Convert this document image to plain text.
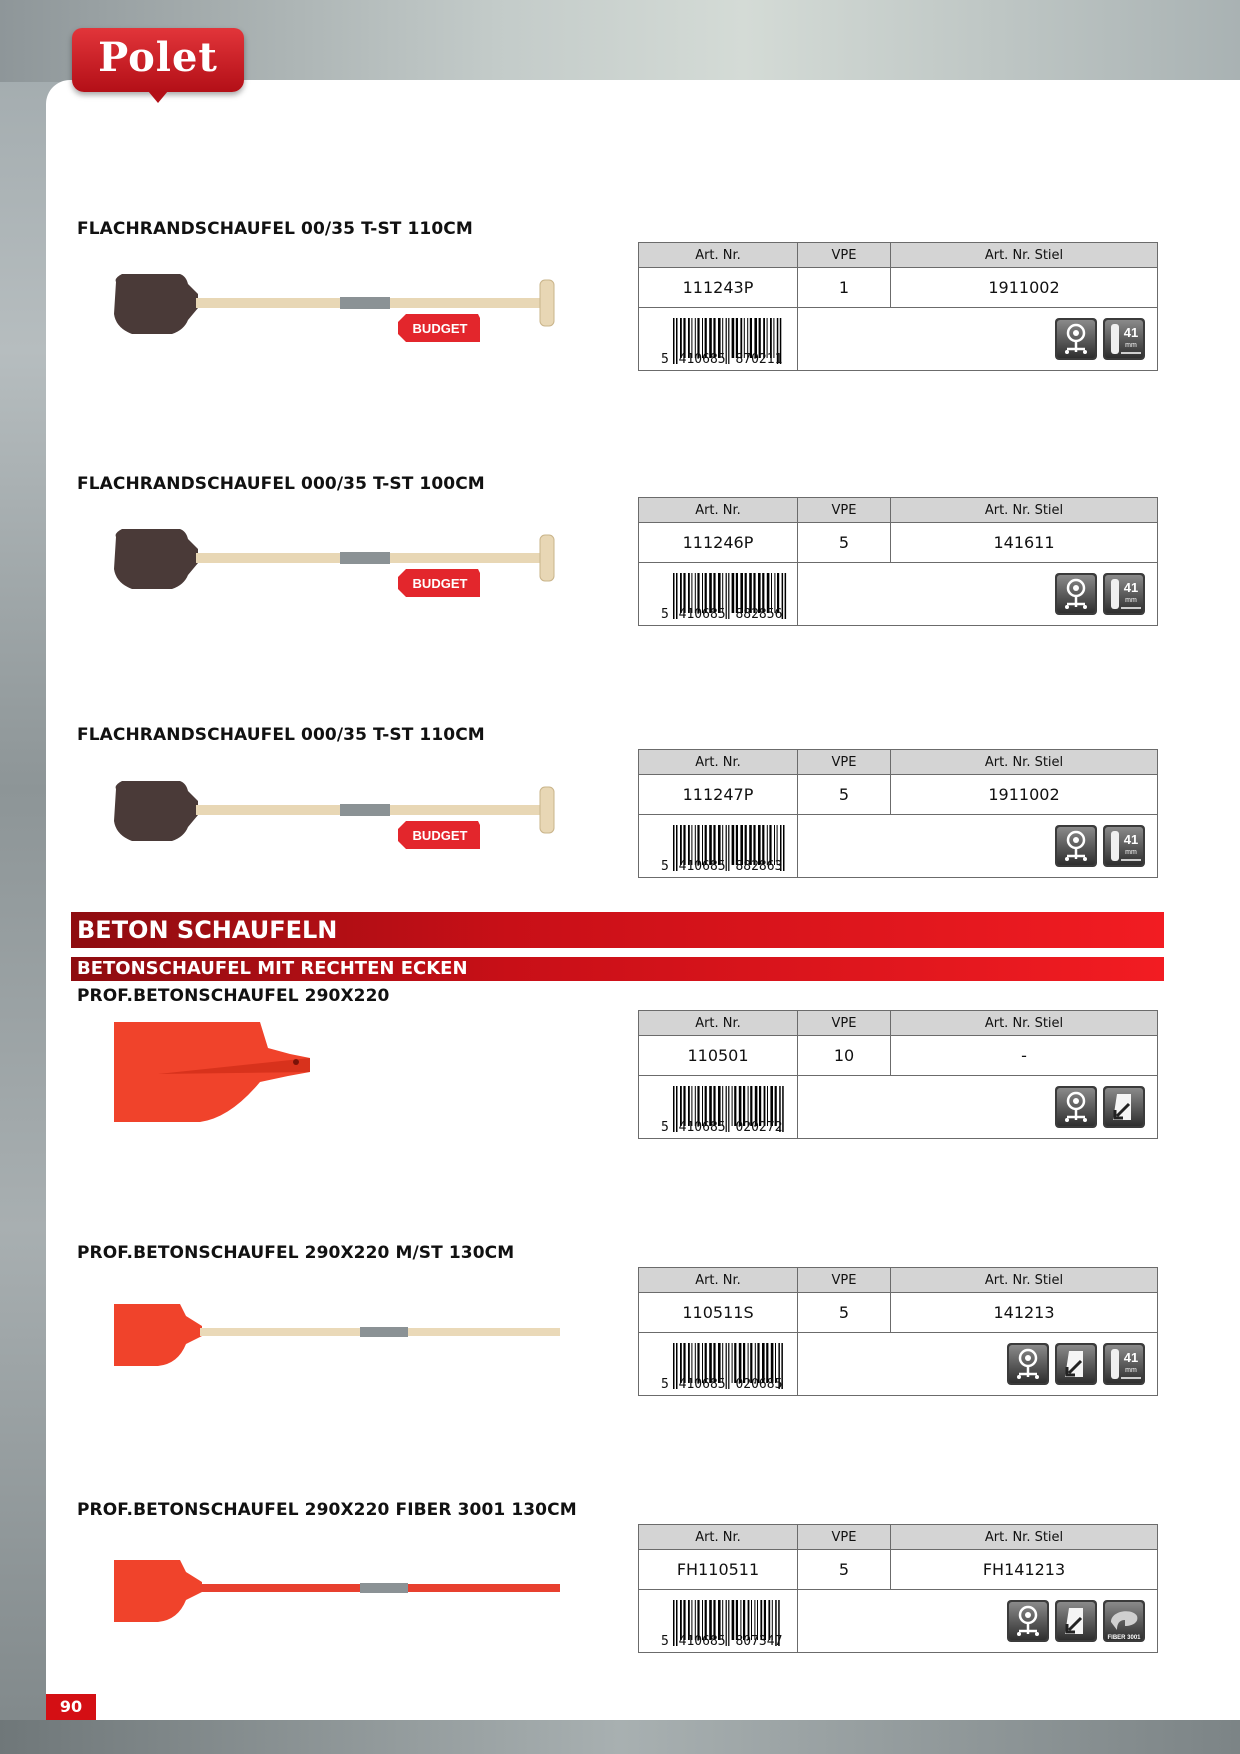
Polet
FLACHRANDSCHAUFEL 00/35 T-ST 110CM
BUDGET
Art. Nr.	VPE	Art. Nr. Stiel
111243P	1	1911002

5 410685 870211	41
mm	
FLACHRANDSCHAUFEL 000/35 T-ST 100CM
BUDGET
Art. Nr.	VPE	Art. Nr. Stiel
111246P	5	141611

5 410685 882856	41
mm	
FLACHRANDSCHAUFEL 000/35 T-ST 110CM
BUDGET
Art. Nr.	VPE	Art. Nr. Stiel
111247P	5	1911002

5 410685 882863	41
mm	
PROF.BETONSCHAUFEL 290X220
Art. Nr.	VPE	Art. Nr. Stiel
110501	10	-

5 410685 020272

PROF.BETONSCHAUFEL 290X220 M/ST 130CM
Art. Nr.	VPE	Art. Nr. Stiel
110511S	5	141213

5 410685 020685	41
mm	
PROF.BETONSCHAUFEL 290X220 FIBER 3001 130CM
Art. Nr.	VPE	Art. Nr. Stiel
FH110511	5	FH141213

5 410685 807347	FIBER 3001	
BETON SCHAUFELN
BETONSCHAUFEL MIT RECHTEN ECKEN
90
